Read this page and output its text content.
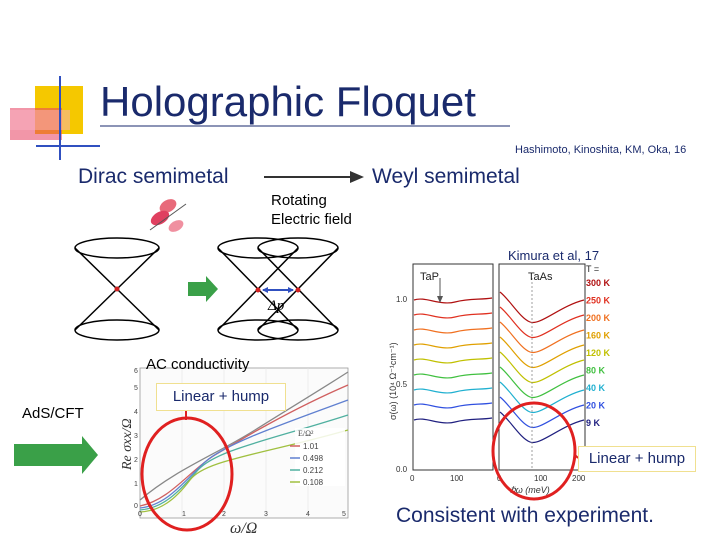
Δp
E/Ω²
1.01
0.498
0.212
0.108
ω/Ω
Re σxx/Ω
0	1	2	3	4	5
0
1
2
3
4
5
6
TaP	TaAs
T =
300 K
250 K
200 K
160 K
120 K
80 K
40 K
20 K
9 K
1.0
0.5
0.0
0	100	0	100	200
ℏω (meV)
σ(ω) (10⁴ Ω⁻¹cm⁻¹)
Holographic Floquet
Hashimoto, Kinoshita, KM, Oka, 16
Dirac semimetal	Weyl semimetal
Rotating
Electric field
Kimura et al, 17
AC conductivity
Linear + hump
AdS/CFT
Linear + hump
Consistent with experiment.
